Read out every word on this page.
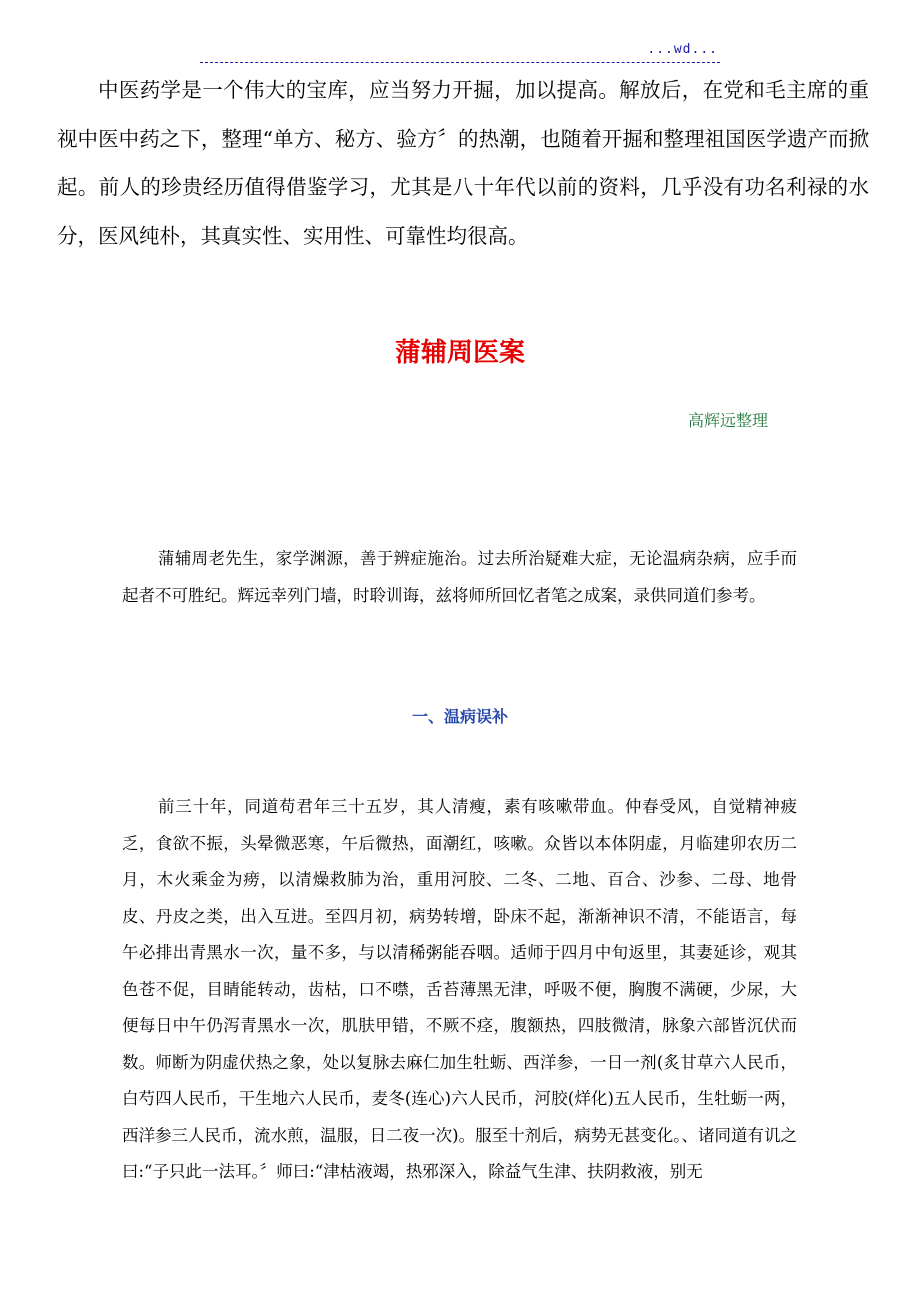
...wd...

中医药学是一个伟大的宝库，应当努力开掘，加以提高。解放后，在党和毛主席的重视中医中药之下，整理“单方、秘方、验方〞的热潮，也随着开掘和整理祖国医学遗产而掀起。前人的珍贵经历值得借鉴学习，尤其是八十年代以前的资料，几乎没有功名利禄的水分，医风纯朴，其真实性、实用性、可靠性均很高。

蒲辅周医案

高辉远整理

蒲辅周老先生，家学渊源，善于辨症施治。过去所治疑难大症，无论温病杂病，应手而起者不可胜纪。辉远幸列门墙，时聆训诲，兹将师所回忆者笔之成案，录供同道们参考。

一、温病误补

前三十年，同道苟君年三十五岁，其人清瘦，素有咳嗽带血。仲春受风，自觉精神疲乏，食欲不振，头晕微恶寒，午后微热，面潮红，咳嗽。众皆以本体阴虚，月临建卯农历二月，木火乘金为痨，以清燥救肺为治，重用河胶、二冬、二地、百合、沙参、二母、地骨皮、丹皮之类，出入互进。至四月初，病势转增，卧床不起，渐渐神识不清，不能语言，每午必排出青黑水一次，量不多，与以清稀粥能吞咽。适师于四月中旬返里，其妻延诊，观其色苍不促，目睛能转动，齿枯，口不噤，舌苔薄黑无津，呼吸不便，胸腹不满硬，少尿，大便每日中午仍泻青黑水一次，肌肤甲错，不厥不痉，腹额热，四肢微清，脉象六部皆沉伏而数。师断为阴虚伏热之象，处以复脉去麻仁加生牡蛎、西洋参，一日一剂(炙甘草六人民币，白芍四人民币，干生地六人民币，麦冬(连心)六人民币，河胶(烊化)五人民币，生牡蛎一两，西洋参三人民币，流水煎，温服，日二夜一次)。服至十剂后，病势无甚变化。、诸同道有讥之曰:“子只此一法耳。〞师曰:“津枯液竭，热邪深入，除益气生津、扶阴救液，别无
